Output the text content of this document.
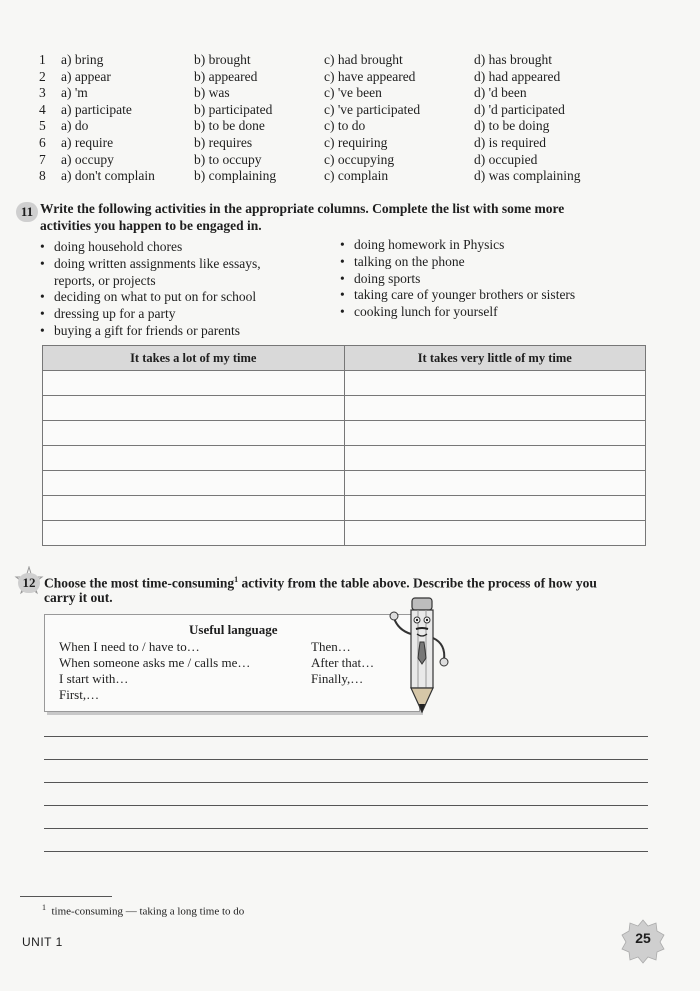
1 a) bring	b) brought	c) had brought	d) has brought
2 a) appear	b) appeared	c) have appeared	d) had appeared
3 a) 'm	b) was	c) 've been	d) 'd been
4 a) participate	b) participated	c) 've participated	d) 'd participated
5 a) do	b) to be done	c) to do	d) to be doing
6 a) require	b) requires	c) requiring	d) is required
7 a) occupy	b) to occupy	c) occupying	d) occupied
8 a) don't complain	b) complaining	c) complain	d) was complaining
11 Write the following activities in the appropriate columns. Complete the list with some more
activities you happen to be engaged in.
• doing household chores
• doing written assignments like essays,
reports, or projects
• deciding on what to put on for school
• dressing up for a party
• buying a gift for friends or parents
• doing homework in Physics
• talking on the phone
• doing sports
• taking care of younger brothers or sisters
• cooking lunch for yourself
It takes a lot of my time	It takes very little of my time

12 Choose the most time-consuming$^1$ activity from the table above. Describe the process of how you
carry it out.
Useful language
When I need to / have to…
When someone asks me / calls me…
I start with…
First,…
Then…
After that…
Finally,…
$^1$ time-consuming — taking a long time to do
UNIT 1	25
